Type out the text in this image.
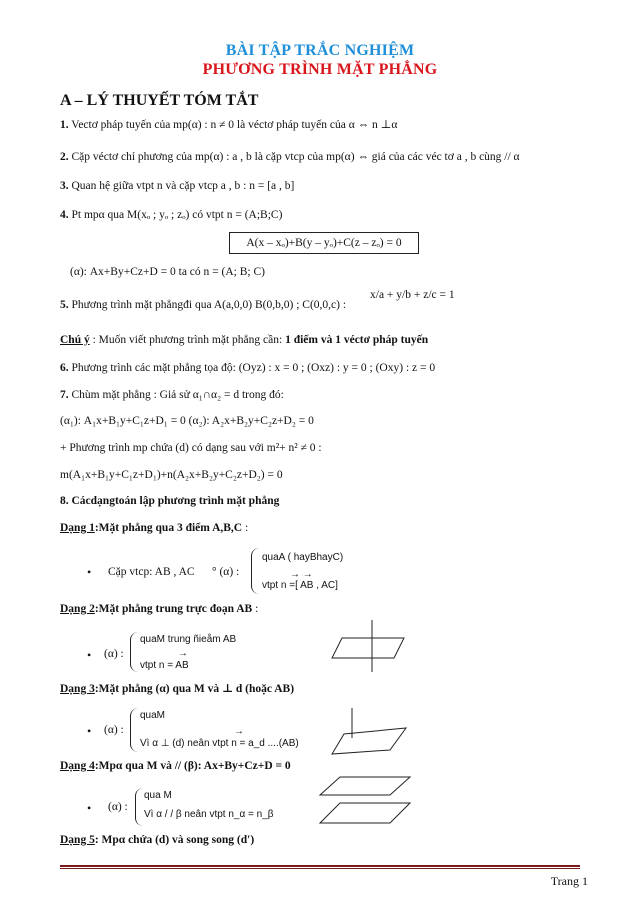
BÀI TẬP TRẮC NGHIỆM
PHƯƠNG TRÌNH MẶT PHẲNG
A – LÝ THUYẾT TÓM TẮT
1. Vectơ pháp tuyến của mp(α) : n ≠ 0 là véctơ pháp tuyến của α ⇔ n ⊥α
2. Cặp véctơ chỉ phương của mp(α) : a , b là cặp vtcp của mp(α) ⇔ giá của các véc tơ a , b cùng // α
3. Quan hệ giữa vtpt n và cặp vtcp a , b : n = [a , b]
4. Pt mpα qua M(xₒ ; yₒ ; zₒ) có vtpt n = (A;B;C)
A(x – xₒ)+B(y – yₒ)+C(z – zₒ) = 0
(α): Ax+By+Cz+D = 0 ta có n = (A; B; C)
5. Phương trình mặt phẳngđi qua A(a,0,0) B(0,b,0) ; C(0,0,c) :
x/a + y/b + z/c = 1
Chú ý : Muốn viết phương trình mặt phẳng cần: 1 điểm và 1 véctơ pháp tuyến
6. Phương trình các mặt phẳng tọa độ: (Oyz) : x = 0 ; (Oxz) : y = 0 ; (Oxy) : z = 0
7. Chùm mặt phẳng : Giả sử α₁∩α₂ = d trong đó:
(α₁): A₁x+B₁y+C₁z+D₁ = 0 (α₂): A₂x+B₂y+C₂z+D₂ = 0
+ Phương trình mp chứa (d) có dạng sau với m²+ n² ≠ 0 :
m(A₁x+B₁y+C₁z+D₁)+n(A₂x+B₂y+C₂z+D₂) = 0
8. Cácdạngtoán lập phương trình mặt phẳng
Dạng 1:Mặt phẳng qua 3 điểm A,B,C :
• Cặp vtcp: AB , AC ° (α) :
quaA ( hayBhayC)
→ →
vtpt n =[ AB , AC]
Dạng 2:Mặt phẳng trung trực đoạn AB :
• (α) :
quaM trung ñieåm AB
→
vtpt n = AB
Dạng 3:Mặt phẳng (α) qua M và ⊥ d (hoặc AB)
• (α) :
quaM
→
Vì α ⊥ (d) neân vtpt n = a_d ....(AB)
Dạng 4:Mpα qua M và // (β): Ax+By+Cz+D = 0
• (α) :
qua M
Vì α / / β neân vtpt n_α = n_β
Dạng 5: Mpα chứa (d) và song song (d′)
Trang 1
